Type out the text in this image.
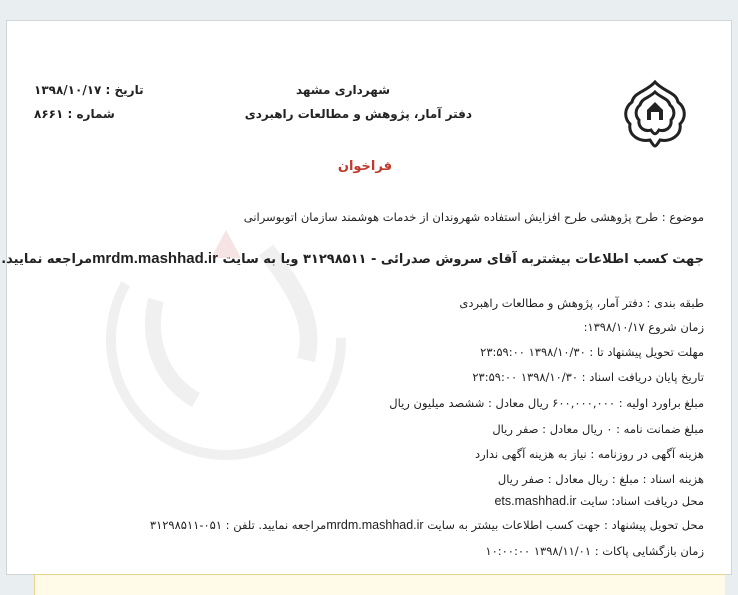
شهرداری مشهد
دفتر آمار، پژوهش و مطالعات راهبردی
تاریخ : ۱۳۹۸/۱۰/۱۷
شماره : ۸۶۶۱
فراخوان
موضوع : طرح پژوهشی طرح افزایش استفاده شهروندان از خدمات هوشمند سازمان اتوبوسرانی
جهت کسب اطلاعات بیشتربه آقای سروش صدرائی - ۳۱۲۹۸۵۱۱ ویا به سایت mrdm.mashhad.irمراجعه نمایید.
طبقه بندی : دفتر آمار، پژوهش و مطالعات راهبردی
زمان شروع ۱۳۹۸/۱۰/۱۷:
مهلت تحویل پیشنهاد تا : ۱۳۹۸/۱۰/۳۰ ۲۳:۵۹:۰۰
تاریخ پایان دریافت اسناد : ۱۳۹۸/۱۰/۳۰ ۲۳:۵۹:۰۰
مبلغ براورد اولیه : ۶۰۰,۰۰۰,۰۰۰ ریال معادل : ششصد میلیون ریال
مبلغ ضمانت نامه : ۰ ریال معادل : صفر ریال
هزینه آگهی در روزنامه : نیاز به هزینه آگهی ندارد
هزینه اسناد : مبلغ : ریال معادل : صفر ریال
محل دریافت اسناد: سایت ets.mashhad.ir
محل تحویل پیشنهاد : جهت کسب اطلاعات بیشتر به سایت mrdm.mashhad.irمراجعه نمایید. تلفن : ۰۵۱-۳۱۲۹۸۵۱۱
زمان بازگشایی پاکات : ۱۳۹۸/۱۱/۰۱ ۱۰:۰۰:۰۰
